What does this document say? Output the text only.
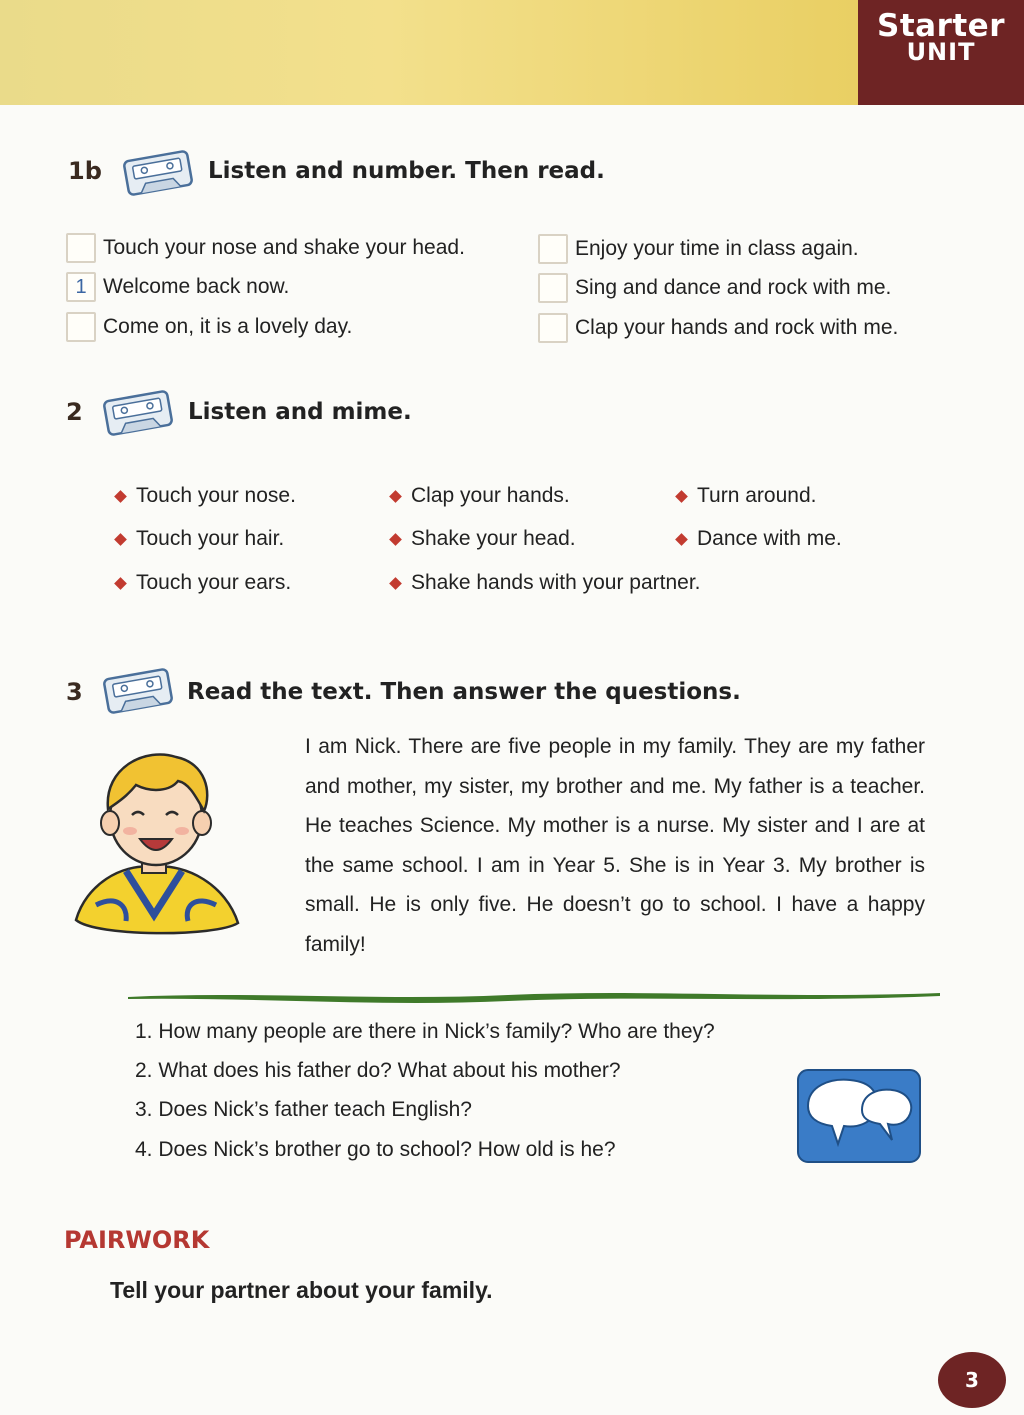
Starter
UNIT
1b	Listen and number. Then read.
Touch your nose and shake your head.
1 Welcome back now.
Come on, it is a lovely day.
Enjoy your time in class again.
Sing and dance and rock with me.
Clap your hands and rock with me.
2	Listen and mime.
Touch your nose.
Touch your hair.
Touch your ears.
Clap your hands.
Shake your head.
Shake hands with your partner.
Turn around.
Dance with me.
3	Read the text. Then answer the questions.
I am Nick. There are five people in my family. They are my father and mother, my sister, my brother and me. My father is a teacher. He teaches Science. My mother is a nurse. My sister and I are at the same school. I am in Year 5. She is in Year 3. My brother is small. He is only five. He doesn’t go to school. I have a happy family!
1. How many people are there in Nick’s family? Who are they?
2. What does his father do? What about his mother?
3. Does Nick’s father teach English?
4. Does Nick’s brother go to school? How old is he?
PAIRWORK
Tell your partner about your family.
3
